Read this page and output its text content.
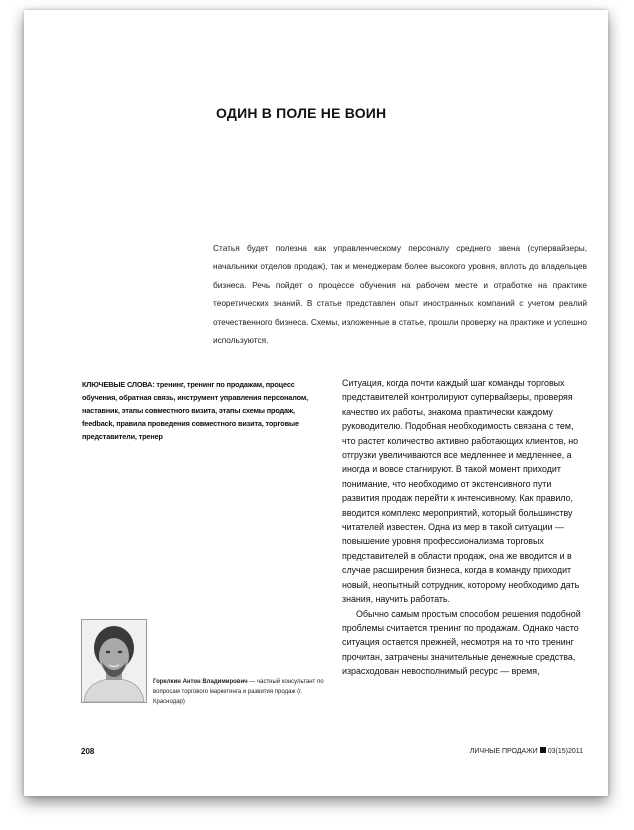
ОДИН В ПОЛЕ НЕ ВОИН
Статья будет полезна как управленческому персоналу среднего звена (супервайзеры, начальники отделов продаж), так и менеджерам более высокого уровня, вплоть до владельцев бизнеса. Речь пойдет о процессе обучения на рабочем месте и отработке на практике теоретических знаний. В статье представлен опыт иностранных компаний с учетом реалий отечественного бизнеса. Схемы, изложенные в статье, прошли проверку на практике и успешно используются.
КЛЮЧЕВЫЕ СЛОВА: тренинг, тренинг по продажам, процесс обучения, обратная связь, инструмент управления персоналом, наставник, этапы совместного визита, этапы схемы продаж, feedback, правила проведения совместного визита, торговые представители, тренер

Ситуация, когда почти каждый шаг команды торговых представителей контролируют супервайзеры, проверяя качество их работы, знакома практически каждому руководителю. Подобная необходимость связана с тем, что растет количество активно работающих клиентов, но отгрузки увеличиваются все медленнее и медленнее, а иногда и вовсе стагнируют. В такой момент приходит понимание, что необходимо от экстенсивного пути развития продаж перейти к интенсивному. Как правило, вводится комплекс мероприятий, который большинству читателей известен. Одна из мер в такой ситуации — повышение уровня профессионализма торговых представителей в области продаж, она же вводится и в случае расширения бизнеса, когда в команду приходит новый, неопытный сотрудник, которому необходимо дать знания, научить работать.

Обычно самым простым способом решения подобной проблемы считается тренинг по продажам. Однако часто ситуация остается прежней, несмотря на то что тренинг прочитан, затрачены значительные денежные средства, израсходован невосполнимый ресурс — время,

Горелкин Антон Владимирович — частный консультант по вопросам торгового маркетинга и развития продаж (г. Краснодар)
208	ЛИЧНЫЕ ПРОДАЖИ 03(15)2011
